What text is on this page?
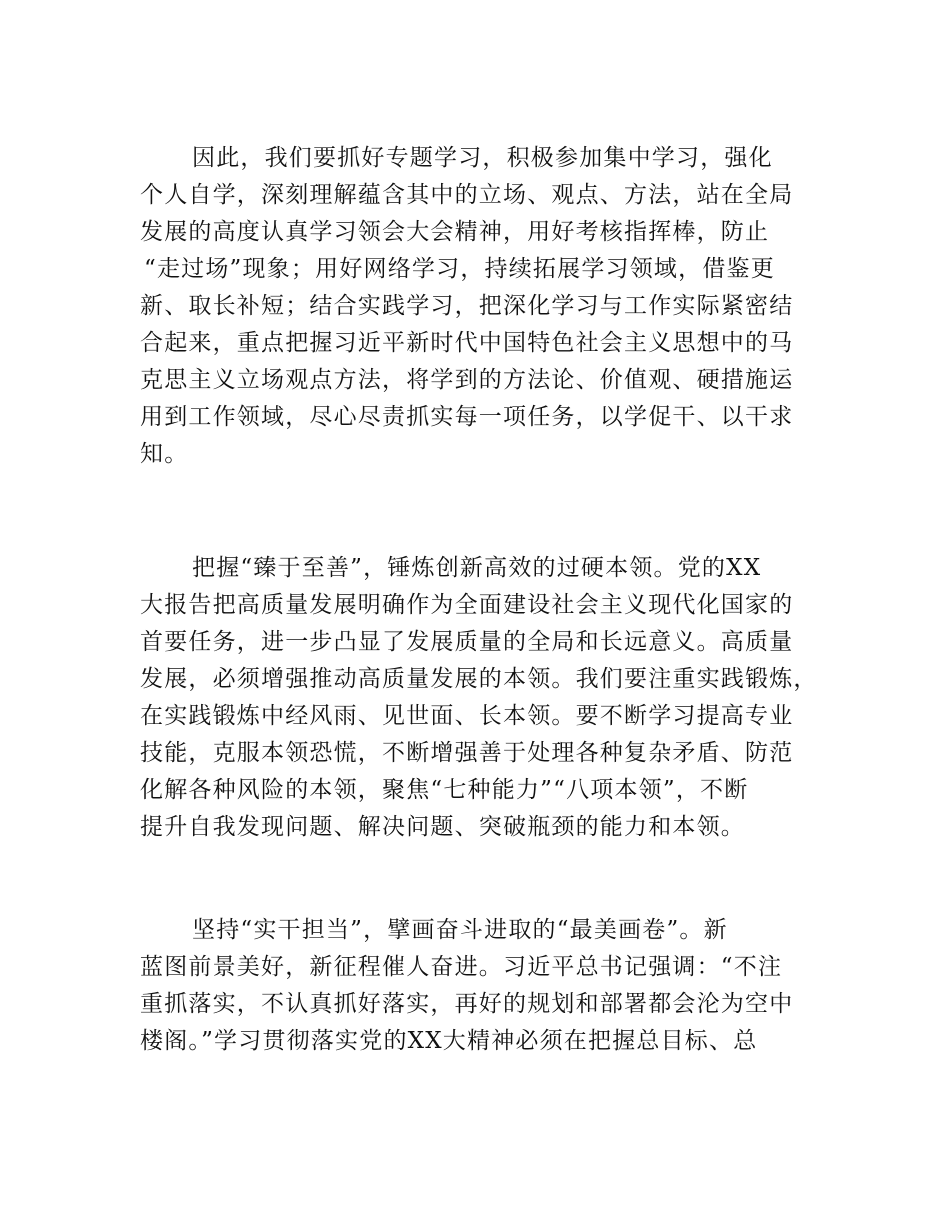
因此，我们要抓好专题学习，积极参加集中学习，强化
个人自学，深刻理解蕴含其中的立场、观点、方法，站在全局
发展的高度认真学习领会大会精神，用好考核指挥棒，防止
“走过场”现象；用好网络学习，持续拓展学习领域，借鉴更
新、取长补短；结合实践学习，把深化学习与工作实际紧密结
合起来，重点把握习近平新时代中国特色社会主义思想中的马
克思主义立场观点方法，将学到的方法论、价值观、硬措施运
用到工作领域，尽心尽责抓实每一项任务，以学促干、以干求
知。
把握“臻于至善”，锤炼创新高效的过硬本领。党的XX
大报告把高质量发展明确作为全面建设社会主义现代化国家的
首要任务，进一步凸显了发展质量的全局和长远意义。高质量
发展，必须增强推动高质量发展的本领。我们要注重实践锻炼，
在实践锻炼中经风雨、见世面、长本领。要不断学习提高专业
技能，克服本领恐慌，不断增强善于处理各种复杂矛盾、防范
化解各种风险的本领，聚焦“七种能力”“八项本领”，不断
提升自我发现问题、解决问题、突破瓶颈的能力和本领。
坚持“实干担当”，擘画奋斗进取的“最美画卷”。新
蓝图前景美好，新征程催人奋进。习近平总书记强调：“不注
重抓落实，不认真抓好落实，再好的规划和部署都会沦为空中
楼阁。”学习贯彻落实党的XX大精神必须在把握总目标、总
